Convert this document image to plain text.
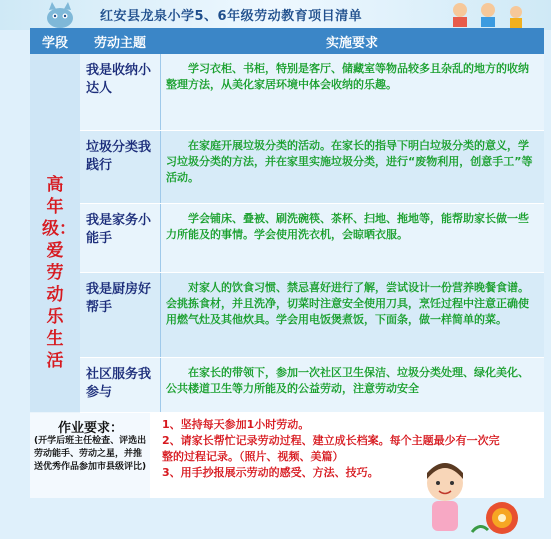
红安县龙泉小学5、6年级劳动教育项目清单
学段	劳动主题	实施要求
高年级：爱劳动 乐生活
我是收纳小达人
学习衣柜、书柜，特别是客厅、储藏室等物品较多且杂乱的地方的收纳整理方法，从美化家居环境中体会收纳的乐趣。
垃圾分类我践行
在家庭开展垃圾分类的活动。在家长的指导下明白垃圾分类的意义，学习垃圾分类的方法，并在家里实施垃圾分类，进行“废物利用，创意手工”等活动。
我是家务小能手
学会铺床、叠被、刷洗碗筷、茶杯、扫地、拖地等，能帮助家长做一些力所能及的事情。学会使用洗衣机，会晾晒衣服。
我是厨房好帮手
对家人的饮食习惯、禁忌喜好进行了解，尝试设计一份营养晚餐食谱。会挑拣食材，并且洗净，切菜时注意安全使用刀具，烹饪过程中注意正确使用燃气灶及其他炊具。学会用电饭煲煮饭，下面条，做一样简单的菜。
社区服务我参与
在家长的带领下，参加一次社区卫生保洁、垃圾分类处理、绿化美化、公共楼道卫生等力所能及的公益劳动，注意劳动安全
作业要求：
(开学后班主任检查、评选出劳动能手、劳动之星，并推送优秀作品参加市县级评比)
1、坚持每天参加1小时劳动。
2、请家长帮忙记录劳动过程、建立成长档案。每个主题最少有一次完整的过程记录。（照片、视频、美篇）
3、用手抄报展示劳动的感受、方法、技巧。
